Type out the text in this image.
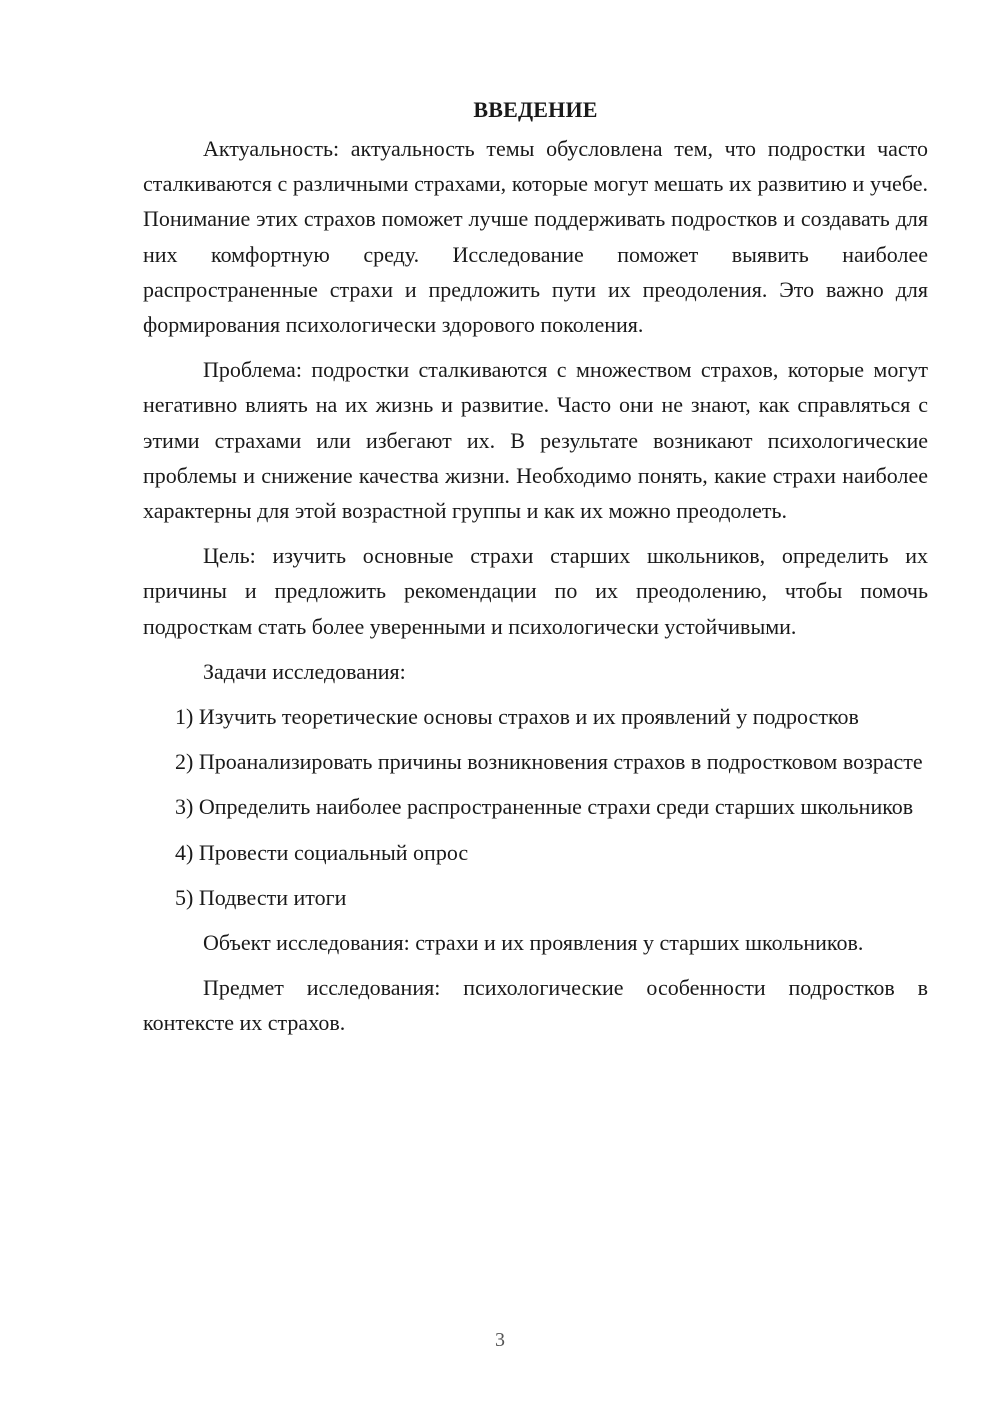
ВВЕДЕНИЕ

Актуальность: актуальность темы обусловлена тем, что подростки часто сталкиваются с различными страхами, которые могут мешать их развитию и учебе. Понимание этих страхов поможет лучше поддерживать подростков и создавать для них комфортную среду. Исследование поможет выявить наиболее распространенные страхи и предложить пути их преодоления. Это важно для формирования психологически здорового поколения.

Проблема: подростки сталкиваются с множеством страхов, которые могут негативно влиять на их жизнь и развитие. Часто они не знают, как справляться с этими страхами или избегают их. В результате возникают психологические проблемы и снижение качества жизни. Необходимо понять, какие страхи наиболее характерны для этой возрастной группы и как их можно преодолеть.

Цель: изучить основные страхи старших школьников, определить их причины и предложить рекомендации по их преодолению, чтобы помочь подросткам стать более уверенными и психологически устойчивыми.

Задачи исследования:

1) Изучить теоретические основы страхов и их проявлений у подростков

2) Проанализировать причины возникновения страхов в подростковом возрасте

3) Определить наиболее распространенные страхи среди старших школьников

4) Провести социальный опрос

5) Подвести итоги

Объект исследования: страхи и их проявления у старших школьников.

Предмет исследования: психологические особенности подростков в контексте их страхов.

3
